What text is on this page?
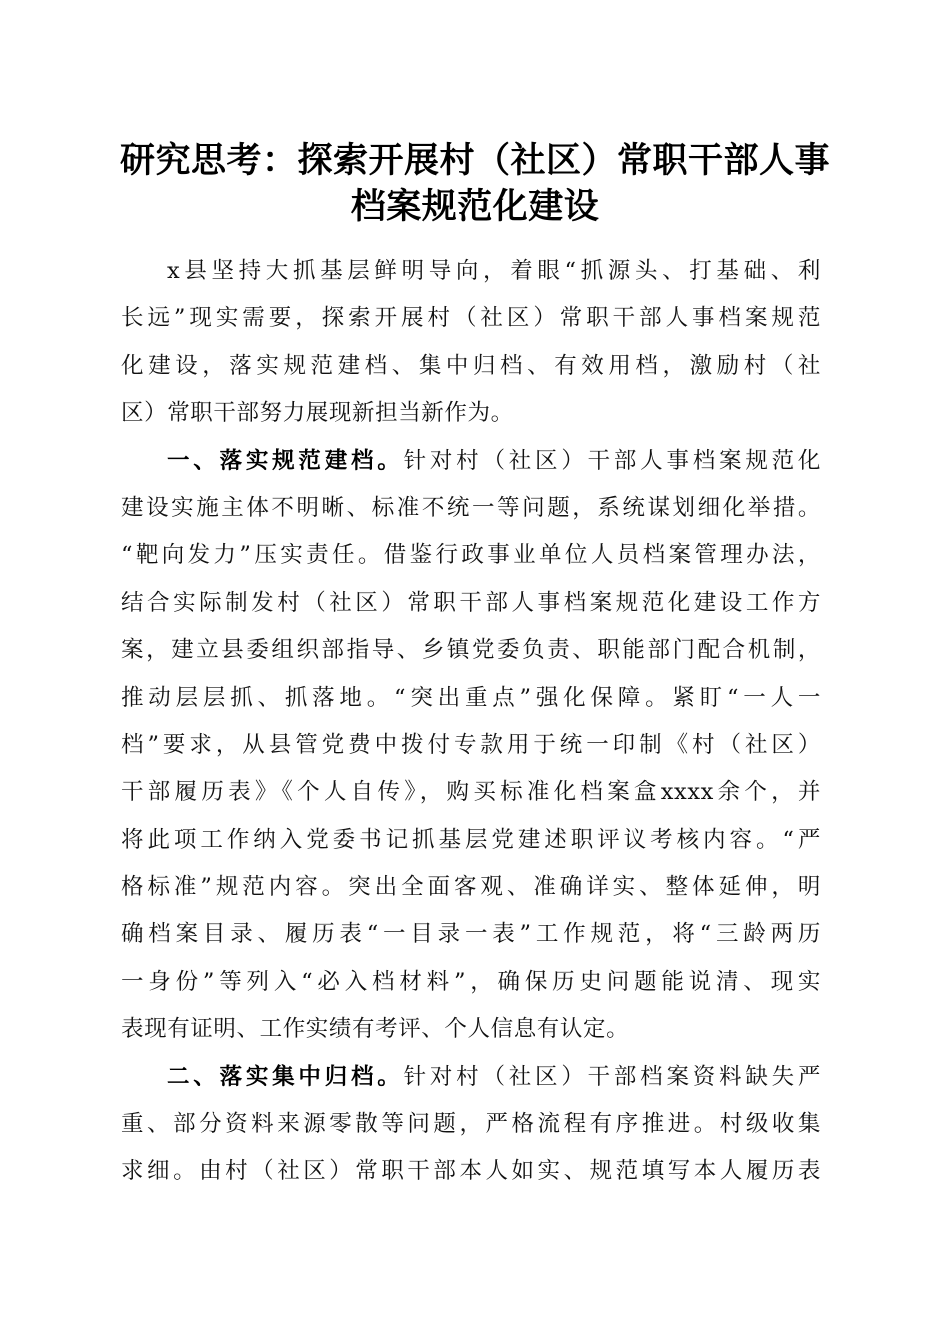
研究思考：探索开展村（社区）常职干部人事
档案规范化建设
x县坚持大抓基层鲜明导向，着眼“抓源头、打基础、利
长远”现实需要，探索开展村（社区）常职干部人事档案规范
化建设，落实规范建档、集中归档、有效用档，激励村（社
区）常职干部努力展现新担当新作为。
一、落实规范建档。针对村（社区）干部人事档案规范化
建设实施主体不明晰、标准不统一等问题，系统谋划细化举措。
“靶向发力”压实责任。借鉴行政事业单位人员档案管理办法，
结合实际制发村（社区）常职干部人事档案规范化建设工作方
案，建立县委组织部指导、乡镇党委负责、职能部门配合机制，
推动层层抓、抓落地。“突出重点”强化保障。紧盯“一人一
档”要求，从县管党费中拨付专款用于统一印制《村（社区）
干部履历表》《个人自传》，购买标准化档案盒xxxx余个，并
将此项工作纳入党委书记抓基层党建述职评议考核内容。“严
格标准”规范内容。突出全面客观、准确详实、整体延伸，明
确档案目录、履历表“一目录一表”工作规范，将“三龄两历
一身份”等列入“必入档材料”，确保历史问题能说清、现实
表现有证明、工作实绩有考评、个人信息有认定。
二、落实集中归档。针对村（社区）干部档案资料缺失严
重、部分资料来源零散等问题，严格流程有序推进。村级收集
求细。由村（社区）常职干部本人如实、规范填写本人履历表
